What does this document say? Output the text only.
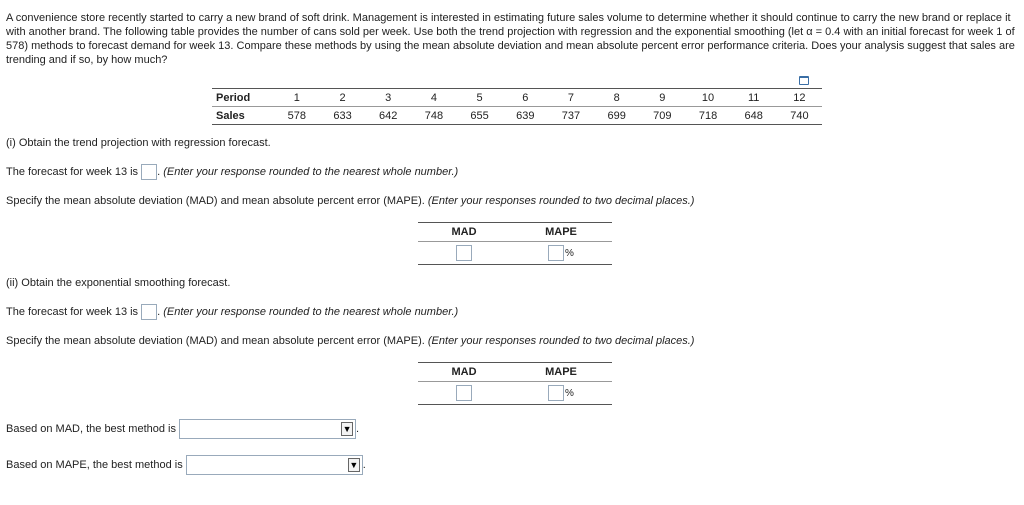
A convenience store recently started to carry a new brand of soft drink. Management is interested in estimating future sales volume to determine whether it should continue to carry the new brand or replace it with another brand. The following table provides the number of cans sold per week. Use both the trend projection with regression and the exponential smoothing (let α = 0.4 with an initial forecast for week 1 of 578) methods to forecast demand for week 13. Compare these methods by using the mean absolute deviation and mean absolute percent error performance criteria. Does your analysis suggest that sales are trending and if so, by how much?

Period	1	2	3	4	5	6	7	8	9	10	11	12
Sales	578	633	642	748	655	639	737	699	709	718	648	740

(i) Obtain the trend projection with regression forecast.

The forecast for week 13 is . (Enter your response rounded to the nearest whole number.)

Specify the mean absolute deviation (MAD) and mean absolute percent error (MAPE). (Enter your responses rounded to two decimal places.)

MAD	MAPE
	%

(ii) Obtain the exponential smoothing forecast.

The forecast for week 13 is . (Enter your response rounded to the nearest whole number.)

Specify the mean absolute deviation (MAD) and mean absolute percent error (MAPE). (Enter your responses rounded to two decimal places.)

MAD	MAPE
	%

Based on MAD, the best method is	▼ .

Based on MAPE, the best method is	▼ .
